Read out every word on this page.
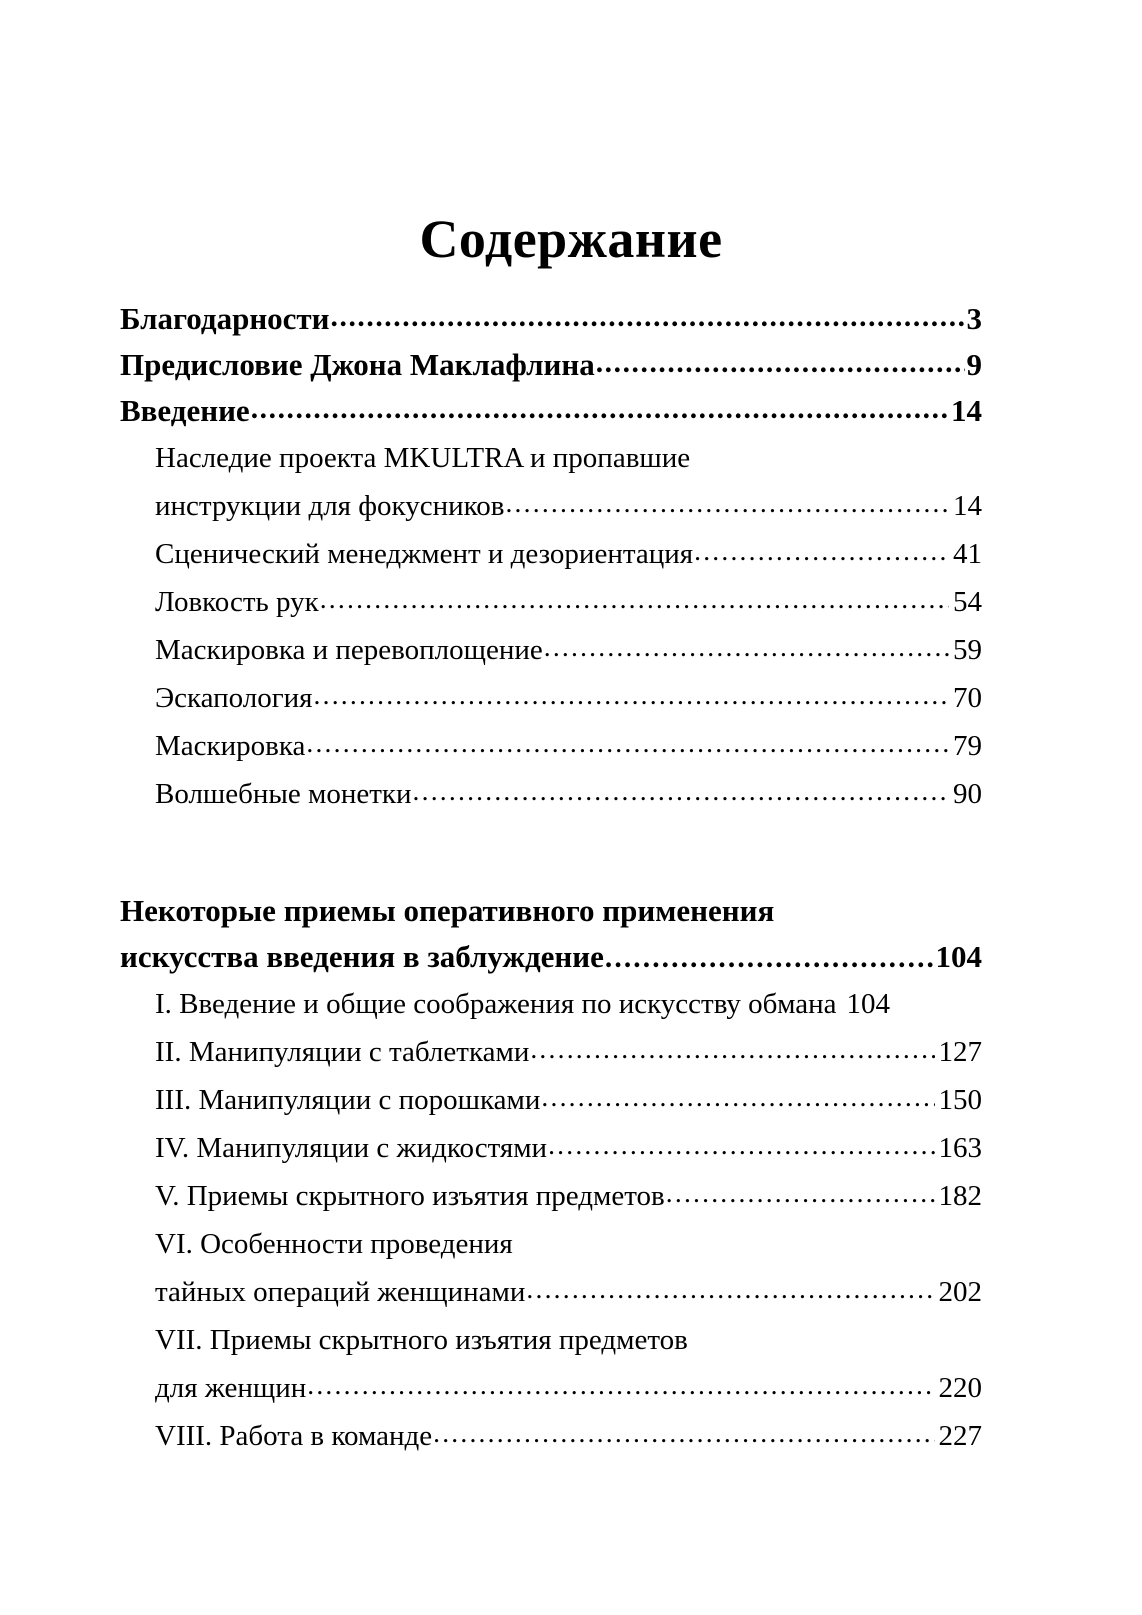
Содержание
Благодарности .....	3
Предисловие Джона Маклафлина .....	9
Введение .....	14
Наследие проекта MKULTRA и пропавшие
инструкции для фокусников .....	14
Сценический менеджмент и дезориентация .....	41
Ловкость рук .....	54
Маскировка и перевоплощение .....	59
Эскапология .....	70
Маскировка .....	79
Волшебные монетки .....	90
Некоторые приемы оперативного применения
искусства введения в заблуждение .....	104
I. Введение и общие соображения по искусству обмана 104
II. Манипуляции с таблетками .....	127
III. Манипуляции с порошками .....	150
IV. Манипуляции с жидкостями .....	163
V. Приемы скрытного изъятия предметов .....	182
VI. Особенности проведения
тайных операций женщинами .....	202
VII. Приемы скрытного изъятия предметов
для женщин .....	220
VIII. Работа в команде .....	227
